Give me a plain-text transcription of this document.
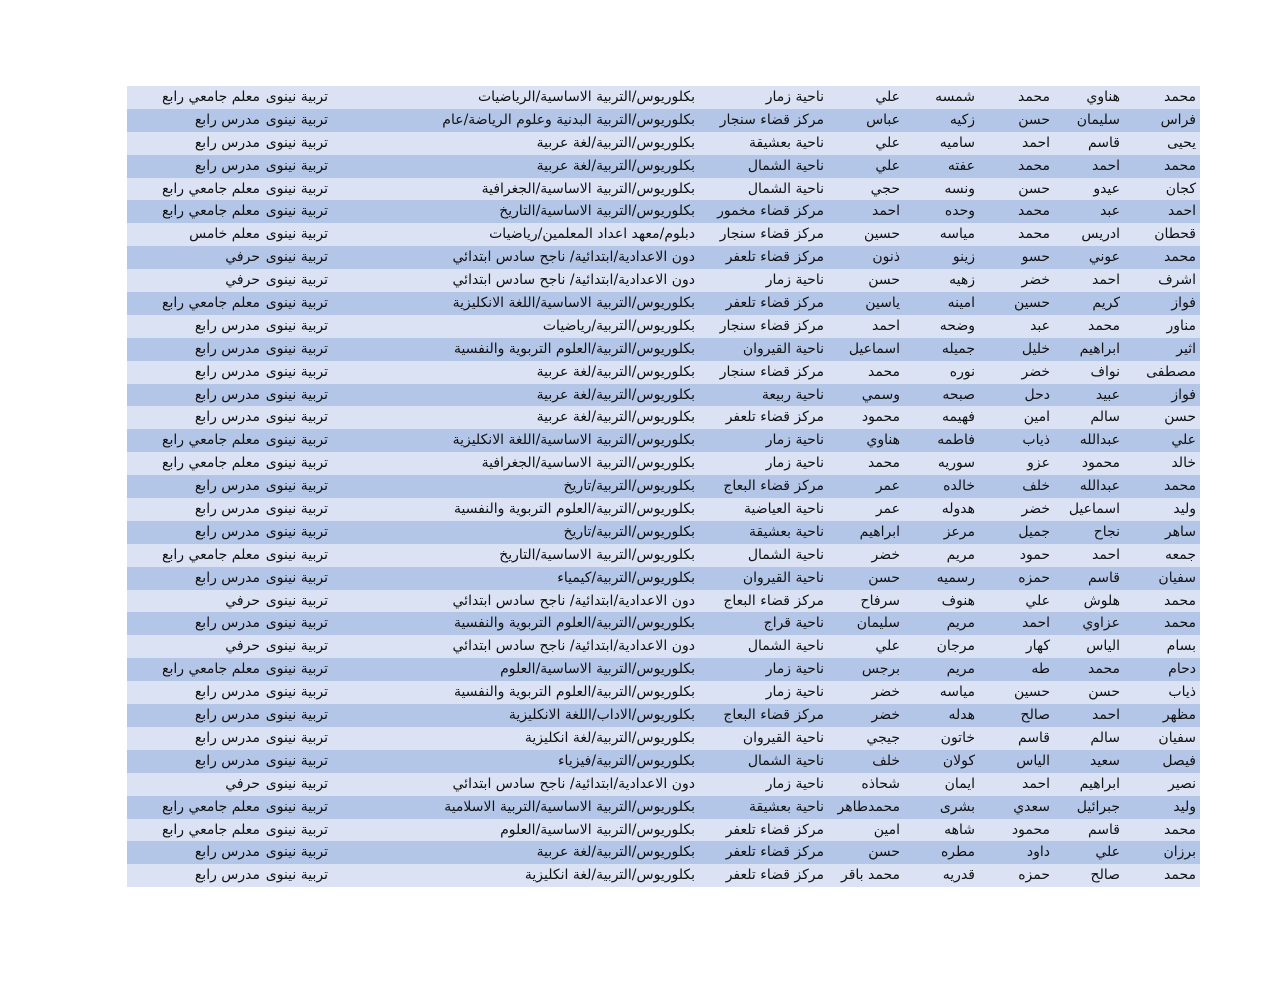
محمد
هناوي
محمد
شمسه
علي
ناحية زمار
بكلوريوس/التربية الاساسية/الرياضيات
تربية نينوى
معلم جامعي رابع
فراس
سليمان
حسن
زكيه
عباس
مركز قضاء سنجار
بكلوريوس/التربية البدنية وعلوم الرياضة/عام
تربية نينوى
مدرس رابع
يحيى
قاسم
احمد
ساميه
علي
ناحية بعشيقة
بكلوريوس/التربية/لغة عربية
تربية نينوى
مدرس رابع
محمد
احمد
محمد
عفته
علي
ناحية الشمال
بكلوريوس/التربية/لغة عربية
تربية نينوى
مدرس رابع
كجان
عيدو
حسن
ونسه
حجي
ناحية الشمال
بكلوريوس/التربية الاساسية/الجغرافية
تربية نينوى
معلم جامعي رابع
احمد
عبد
محمد
وحده
احمد
مركز قضاء مخمور
بكلوريوس/التربية الاساسية/التاريخ
تربية نينوى
معلم جامعي رابع
قحطان
ادريس
محمد
مياسه
حسين
مركز قضاء سنجار
دبلوم/معهد اعداد المعلمين/رياضيات
تربية نينوى
معلم خامس
محمد
عوني
حسو
زينو
ذنون
مركز قضاء تلعفر
دون الاعدادية/ابتدائية/ ناجح سادس ابتدائي
تربية نينوى
حرفي
اشرف
احمد
خضر
زهيه
حسن
ناحية زمار
دون الاعدادية/ابتدائية/ ناجح سادس ابتدائي
تربية نينوى
حرفي
فواز
كريم
حسين
امينه
ياسين
مركز قضاء تلعفر
بكلوريوس/التربية الاساسية/اللغة الانكليزية
تربية نينوى
معلم جامعي رابع
مناور
محمد
عبد
وضحه
احمد
مركز قضاء سنجار
بكلوريوس/التربية/رياضيات
تربية نينوى
مدرس رابع
اثير
ابراهيم
خليل
جميله
اسماعيل
ناحية القيروان
بكلوريوس/التربية/العلوم التربوية والنفسية
تربية نينوى
مدرس رابع
مصطفى
نواف
خضر
نوره
محمد
مركز قضاء سنجار
بكلوريوس/التربية/لغة عربية
تربية نينوى
مدرس رابع
فواز
عبيد
دحل
صبحه
وسمي
ناحية ربيعة
بكلوريوس/التربية/لغة عربية
تربية نينوى
مدرس رابع
حسن
سالم
امين
فهيمه
محمود
مركز قضاء تلعفر
بكلوريوس/التربية/لغة عربية
تربية نينوى
مدرس رابع
علي
عبدالله
ذياب
فاطمه
هناوي
ناحية زمار
بكلوريوس/التربية الاساسية/اللغة الانكليزية
تربية نينوى
معلم جامعي رابع
خالد
محمود
عزو
سوريه
محمد
ناحية زمار
بكلوريوس/التربية الاساسية/الجغرافية
تربية نينوى
معلم جامعي رابع
محمد
عبدالله
خلف
خالده
عمر
مركز قضاء البعاج
بكلوريوس/التربية/تاريخ
تربية نينوى
مدرس رابع
وليد
اسماعيل
خضر
هدوله
عمر
ناحية العياضية
بكلوريوس/التربية/العلوم التربوية والنفسية
تربية نينوى
مدرس رابع
ساهر
نجاح
جميل
مرعز
ابراهيم
ناحية بعشيقة
بكلوريوس/التربية/تاريخ
تربية نينوى
مدرس رابع
جمعه
احمد
حمود
مريم
خضر
ناحية الشمال
بكلوريوس/التربية الاساسية/التاريخ
تربية نينوى
معلم جامعي رابع
سفيان
قاسم
حمزه
رسميه
حسن
ناحية القيروان
بكلوريوس/التربية/كيمياء
تربية نينوى
مدرس رابع
محمد
هلوش
علي
هنوف
سرفاح
مركز قضاء البعاج
دون الاعدادية/ابتدائية/ ناجح سادس ابتدائي
تربية نينوى
حرفي
محمد
عزاوي
احمد
مريم
سليمان
ناحية قراج
بكلوريوس/التربية/العلوم التربوية والنفسية
تربية نينوى
مدرس رابع
بسام
الياس
كهار
مرجان
علي
ناحية الشمال
دون الاعدادية/ابتدائية/ ناجح سادس ابتدائي
تربية نينوى
حرفي
دحام
محمد
طه
مريم
برجس
ناحية زمار
بكلوريوس/التربية الاساسية/العلوم
تربية نينوى
معلم جامعي رابع
ذياب
حسن
حسين
مياسه
خضر
ناحية زمار
بكلوريوس/التربية/العلوم التربوية والنفسية
تربية نينوى
مدرس رابع
مظهر
احمد
صالح
هدله
خضر
مركز قضاء البعاج
بكلوريوس/الاداب/اللغة الانكليزية
تربية نينوى
مدرس رابع
سفيان
سالم
قاسم
خاتون
جيجي
ناحية القيروان
بكلوريوس/التربية/لغة انكليزية
تربية نينوى
مدرس رابع
فيصل
سعيد
الياس
كولان
خلف
ناحية الشمال
بكلوريوس/التربية/فيزياء
تربية نينوى
مدرس رابع
نصير
ابراهيم
احمد
ايمان
شحاذه
ناحية زمار
دون الاعدادية/ابتدائية/ ناجح سادس ابتدائي
تربية نينوى
حرفي
وليد
جبرائيل
سعدي
بشرى
محمدطاهر
ناحية بعشيقة
بكلوريوس/التربية الاساسية/التربية الاسلامية
تربية نينوى
معلم جامعي رابع
محمد
قاسم
محمود
شاهه
امين
مركز قضاء تلعفر
بكلوريوس/التربية الاساسية/العلوم
تربية نينوى
معلم جامعي رابع
برزان
علي
داود
مطره
حسن
مركز قضاء تلعفر
بكلوريوس/التربية/لغة عربية
تربية نينوى
مدرس رابع
محمد
صالح
حمزه
قدريه
محمد باقر
مركز قضاء تلعفر
بكلوريوس/التربية/لغة انكليزية
تربية نينوى
مدرس رابع
